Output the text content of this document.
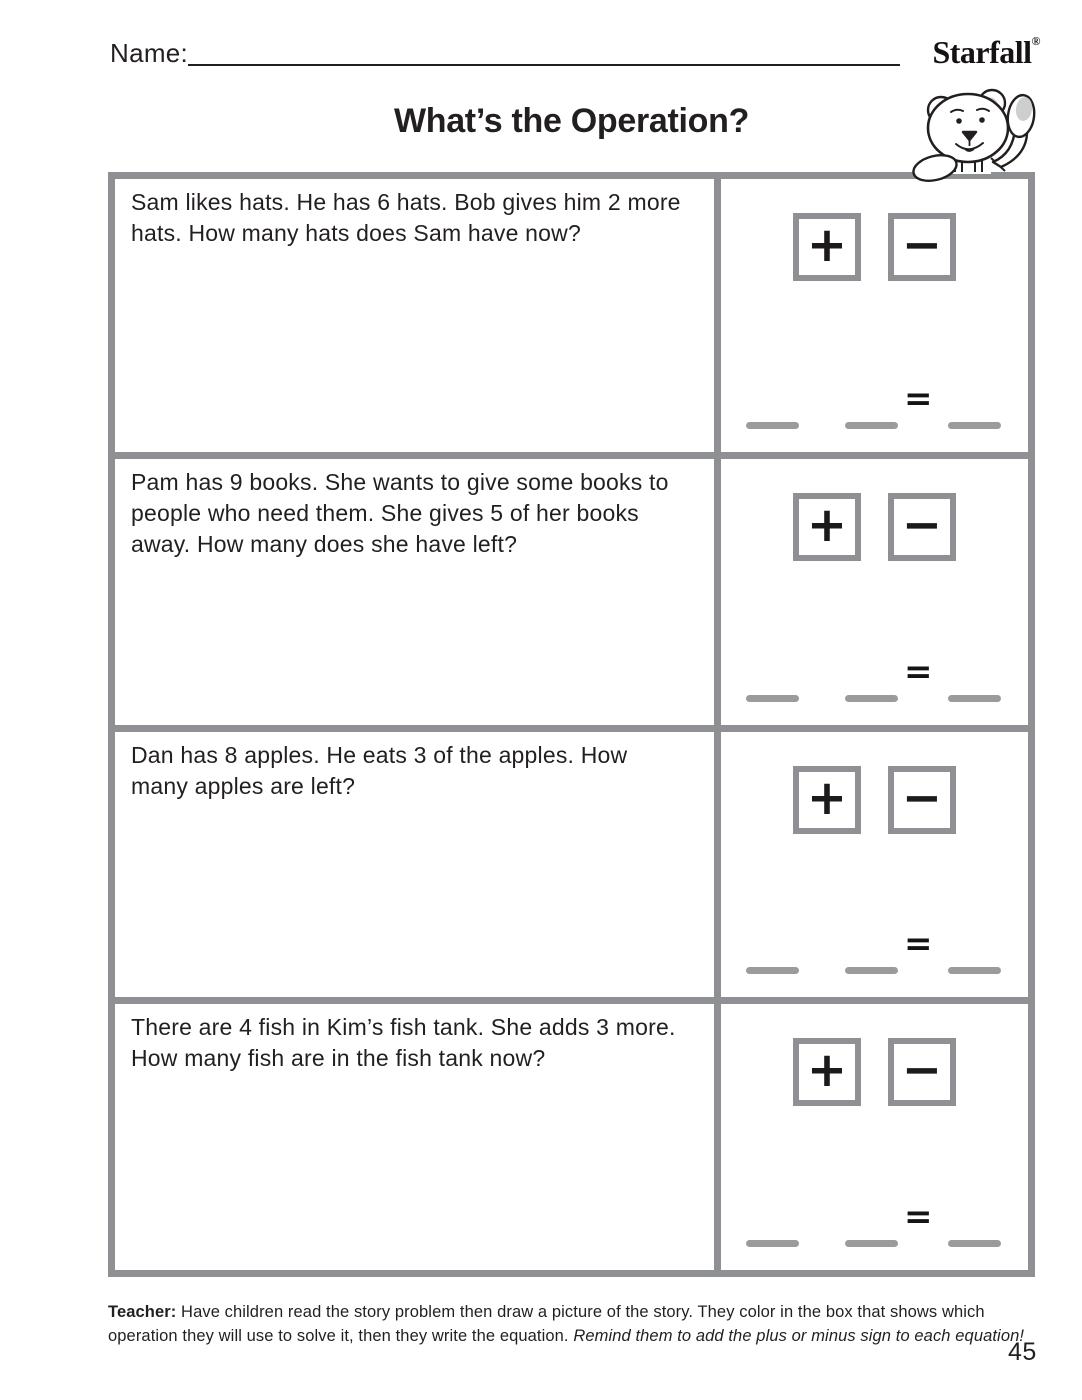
Name:	Starfall®
What’s the Operation?

Sam likes hats. He has 6 hats. Bob gives him 2 more hats. How many hats does Sam have now?	+ −
=

Pam has 9 books. She wants to give some books to people who need them. She gives 5 of her books away. How many does she have left?	+ −
=

Dan has 8 apples. He eats 3 of the apples. How many apples are left?	+ −
=

There are 4 fish in Kim’s fish tank. She adds 3 more. How many fish are in the fish tank now?	+ −
=
Teacher: Have children read the story problem then draw a picture of the story. They color in the box that shows which operation they will use to solve it, then they write the equation. Remind them to add the plus or minus sign to each equation!
45
